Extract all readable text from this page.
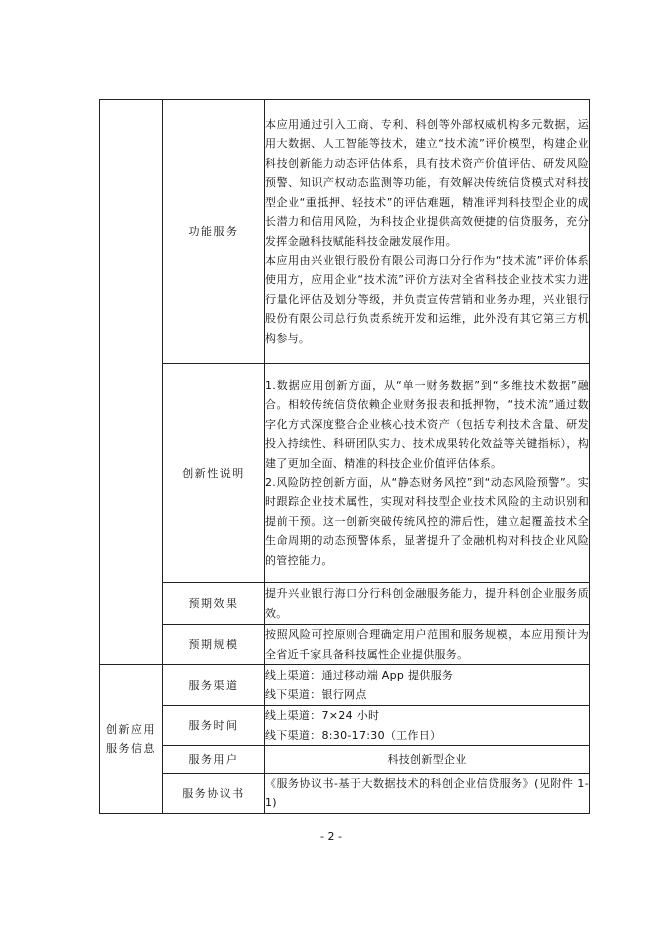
	功能服务	本应用通过引入工商、专利、科创等外部权威机构多元数据，运用大数据、人工智能等技术，建立“技术流”评价模型，构建企业科技创新能力动态评估体系，具有技术资产价值评估、研发风险预警、知识产权动态监测等功能，有效解决传统信贷模式对科技型企业“重抵押、轻技术”的评估难题，精准评判科技型企业的成长潜力和信用风险，为科技企业提供高效便捷的信贷服务，充分发挥金融科技赋能科技金融发展作用。

本应用由兴业银行股份有限公司海口分行作为“技术流”评价体系使用方，应用企业“技术流”评价方法对全省科技企业技术实力进行量化评估及划分等级，并负责宣传营销和业务办理，兴业银行股份有限公司总行负责系统开发和运维，此外没有其它第三方机构参与。

	创新性说明	1.数据应用创新方面，从“单一财务数据”到“多维技术数据”融合。相较传统信贷依赖企业财务报表和抵押物，“技术流”通过数字化方式深度整合企业核心技术资产（包括专利技术含量、研发投入持续性、科研团队实力、技术成果转化效益等关键指标），构建了更加全面、精准的科技企业价值评估体系。

2.风险防控创新方面，从“静态财务风控”到“动态风险预警”。实时跟踪企业技术属性，实现对科技型企业技术风险的主动识别和提前干预。这一创新突破传统风控的滞后性，建立起覆盖技术全生命周期的动态预警体系，显著提升了金融机构对科技企业风险的管控能力。

	预期效果	提升兴业银行海口分行科创金融服务能力，提升科创企业服务质效。
	预期规模	按照风险可控原则合理确定用户范围和服务规模，本应用预计为全省近千家具备科技属性企业提供服务。

创新应用服务信息	服务渠道	线上渠道：通过移动端 App 提供服务

线下渠道：银行网点

	服务时间	线上渠道：7×24 小时

线下渠道：8:30-17:30（工作日）

	服务用户	科技创新型企业
	服务协议书	《服务协议书-基于大数据技术的科创企业信贷服务》(见附件 1-1)
- 2 -
